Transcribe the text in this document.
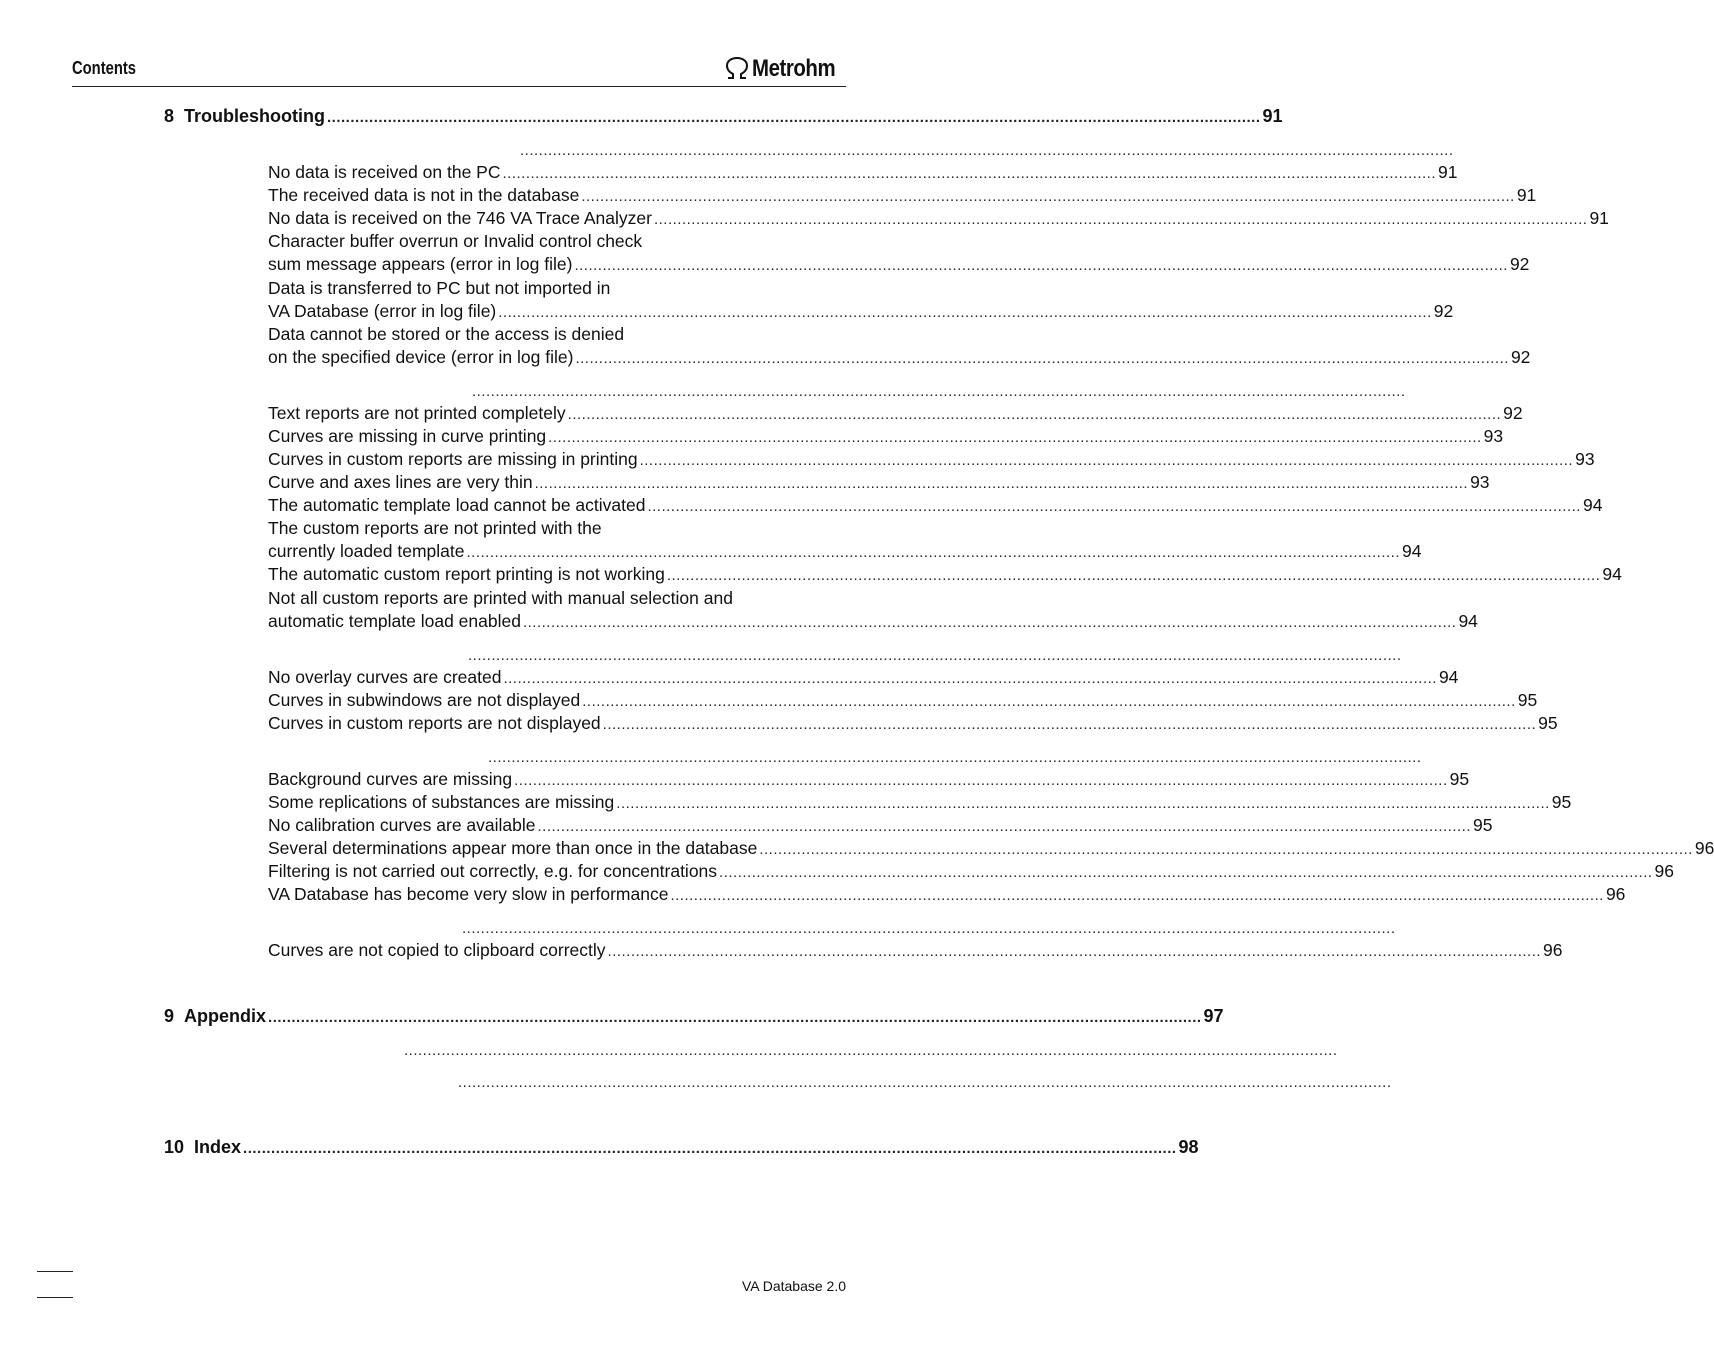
Contents	Metrohm
8 Troubleshooting ........................................................................................................................................................................................................ 91
........................................................................................................................................................................................................
No data is received on the PC ........................................................................................................................................................................................................ 91
The received data is not in the database ........................................................................................................................................................................................................ 91
No data is received on the 746 VA Trace Analyzer ........................................................................................................................................................................................................ 91
Character buffer overrun or Invalid control check
sum message appears (error in log file) ........................................................................................................................................................................................................ 92
Data is transferred to PC but not imported in
VA Database (error in log file) ........................................................................................................................................................................................................ 92
Data cannot be stored or the access is denied
on the specified device (error in log file) ........................................................................................................................................................................................................ 92
........................................................................................................................................................................................................
Text reports are not printed completely ........................................................................................................................................................................................................ 92
Curves are missing in curve printing ........................................................................................................................................................................................................ 93
Curves in custom reports are missing in printing ........................................................................................................................................................................................................ 93
Curve and axes lines are very thin ........................................................................................................................................................................................................ 93
The automatic template load cannot be activated ........................................................................................................................................................................................................ 94
The custom reports are not printed with the
currently loaded template ........................................................................................................................................................................................................ 94
The automatic custom report printing is not working ........................................................................................................................................................................................................ 94
Not all custom reports are printed with manual selection and
automatic template load enabled ........................................................................................................................................................................................................ 94
........................................................................................................................................................................................................
No overlay curves are created ........................................................................................................................................................................................................ 94
Curves in subwindows are not displayed ........................................................................................................................................................................................................ 95
Curves in custom reports are not displayed ........................................................................................................................................................................................................ 95
........................................................................................................................................................................................................
Background curves are missing ........................................................................................................................................................................................................ 95
Some replications of substances are missing ........................................................................................................................................................................................................ 95
No calibration curves are available ........................................................................................................................................................................................................ 95
Several determinations appear more than once in the database ........................................................................................................................................................................................................ 96
Filtering is not carried out correctly, e.g. for concentrations ........................................................................................................................................................................................................ 96
VA Database has become very slow in performance ........................................................................................................................................................................................................ 96
........................................................................................................................................................................................................
Curves are not copied to clipboard correctly ........................................................................................................................................................................................................ 96
9 Appendix ........................................................................................................................................................................................................ 97
........................................................................................................................................................................................................
........................................................................................................................................................................................................
10 Index ........................................................................................................................................................................................................ 98
VA Database 2.0
